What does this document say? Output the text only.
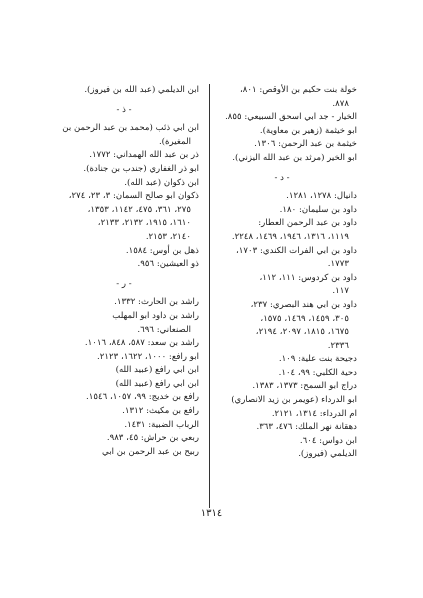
خولة بنت حكيم بن الأوقص: ٨٠١،
٨٧٨.
الخيار - جد ابي اسحق السبيعي: ٨٥٥.
ابو خيثمة (زهير بن معاوية).
خيثمة بن عبد الرحمن: ١٣٠٦.
ابو الخير (مرثد بن عبد الله اليزني).
- د -
دانيال: ١٢٧٨، ١٢٨١.
داود بن سليمان: ١٨٠.
داود بن عبد الرحمن العطار:
١١١٩، ١٣١٦، ١٩٤٦، ١٤٦٩، ٢٢٤٨.
داود بن ابي الفرات الكندي: ١٧٠٣،
١٧٧٣.
داود بن كردوس: ١١١، ١١٢،
١١٧.
داود بن ابي هند البصري: ٢٣٧،
٣٠٥، ١٤٥٩، ١٤٦٩، ١٥٧٥،
١٦٧٥، ١٨١٥، ٢٠٩٧، ٢١٩٤،
٢٣٣٦.
دجيحة بنت علية: ١٠٩.
دحية الكلبي: ٩٩، ١٠٤.
دراج ابو السمح: ١٣٧٣، ١٣٨٣.
ابو الدرداء (عويمر بن زيد الانصاري)
ام الدرداء: ١٣١٤، ٢١٢١.
دهقانة نهر الملك: ٤٧٦، ٣٦٣.
ابن دواس: ٦٠٤.
الديلمي (فيروز).
ابن الديلمي (عبد الله بن فيروز).
- ذ -
ابن ابي ذئب (محمد بن عبد الرحمن بن
المغيرة).
ذر بن عبد الله الهمداني: ١٧٧٢.
ابو ذر الغفاري (جندب بن جنادة).
ابن ذكوان (عبد الله).
ذكوان ابو صالح السمان: ٣، ٢٣، ٢٧٤،
٢٧٥، ٣٦١، ٤٧٥، ١١٤٢، ١٣٥٣،
١٦١٠، ١٩١٥، ٢١٣٢، ٢١٣٣،
٢١٤٠، ٢١٥٣.
ذهل بن أوس: ١٥٨٤.
ذو العيشين: ٩٥٦.
- ر -
راشد بن الحارث: ١٣٣٢.
راشد بن داود ابو المهلب
الصنعاني: ٦٩٦.
راشد بن سعد: ٥٨٧، ٨٤٨، ١٠١٦.
ابو رافع: ١٠٠٠، ١٦٢٢، ٢١٢٣.
ابن ابي رافع (عبيد الله)
ابن ابي رافع (عبيد الله)
رافع بن خديج: ٩٩، ١٠٥٧، ١٥٤٦.
رافع بن مكيث: ١٣١٢.
الرباب الضبية: ١٤٣١.
ربعي بن حراش: ٤٥، ٩٨٣.
ربيح بن عبد الرحمن بن ابي
١٣١٤
